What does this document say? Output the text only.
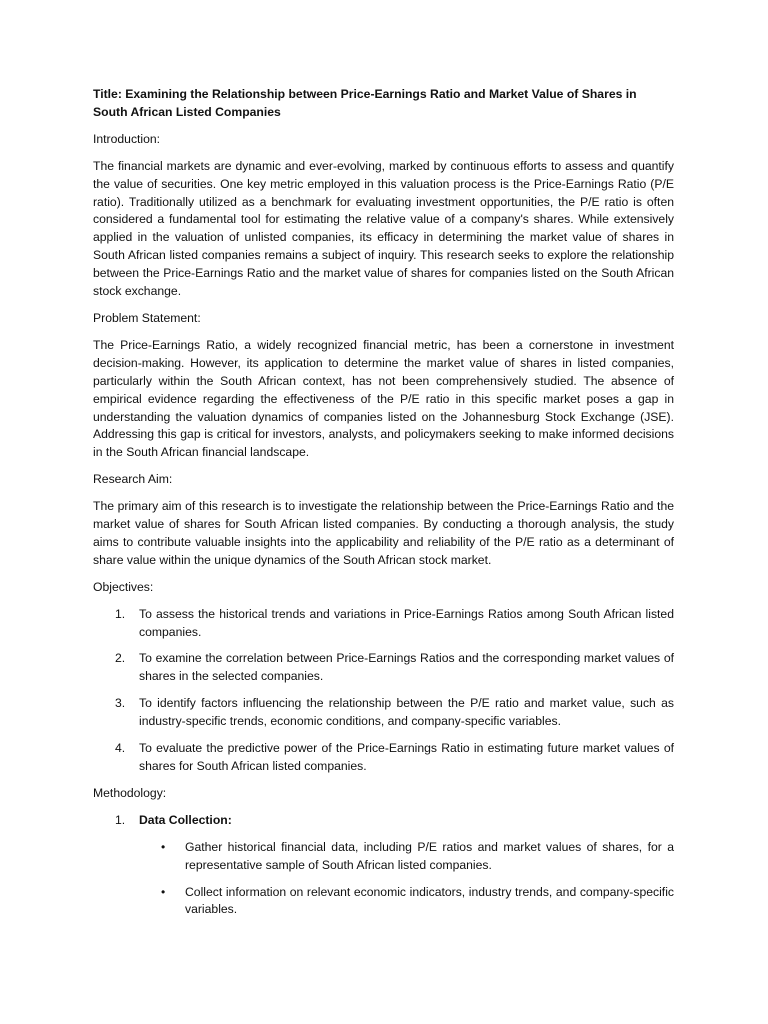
Title: Examining the Relationship between Price-Earnings Ratio and Market Value of Shares in South African Listed Companies

Introduction:

The financial markets are dynamic and ever-evolving, marked by continuous efforts to assess and quantify the value of securities. One key metric employed in this valuation process is the Price-Earnings Ratio (P/E ratio). Traditionally utilized as a benchmark for evaluating investment opportunities, the P/E ratio is often considered a fundamental tool for estimating the relative value of a company's shares. While extensively applied in the valuation of unlisted companies, its efficacy in determining the market value of shares in South African listed companies remains a subject of inquiry. This research seeks to explore the relationship between the Price-Earnings Ratio and the market value of shares for companies listed on the South African stock exchange.

Problem Statement:

The Price-Earnings Ratio, a widely recognized financial metric, has been a cornerstone in investment decision-making. However, its application to determine the market value of shares in listed companies, particularly within the South African context, has not been comprehensively studied. The absence of empirical evidence regarding the effectiveness of the P/E ratio in this specific market poses a gap in understanding the valuation dynamics of companies listed on the Johannesburg Stock Exchange (JSE). Addressing this gap is critical for investors, analysts, and policymakers seeking to make informed decisions in the South African financial landscape.

Research Aim:

The primary aim of this research is to investigate the relationship between the Price-Earnings Ratio and the market value of shares for South African listed companies. By conducting a thorough analysis, the study aims to contribute valuable insights into the applicability and reliability of the P/E ratio as a determinant of share value within the unique dynamics of the South African stock market.

Objectives:

1. To assess the historical trends and variations in Price-Earnings Ratios among South African listed companies.
2. To examine the correlation between Price-Earnings Ratios and the corresponding market values of shares in the selected companies.
3. To identify factors influencing the relationship between the P/E ratio and market value, such as industry-specific trends, economic conditions, and company-specific variables.
4. To evaluate the predictive power of the Price-Earnings Ratio in estimating future market values of shares for South African listed companies.

Methodology:

1. Data Collection:
• Gather historical financial data, including P/E ratios and market values of shares, for a representative sample of South African listed companies.
• Collect information on relevant economic indicators, industry trends, and company-specific variables.
